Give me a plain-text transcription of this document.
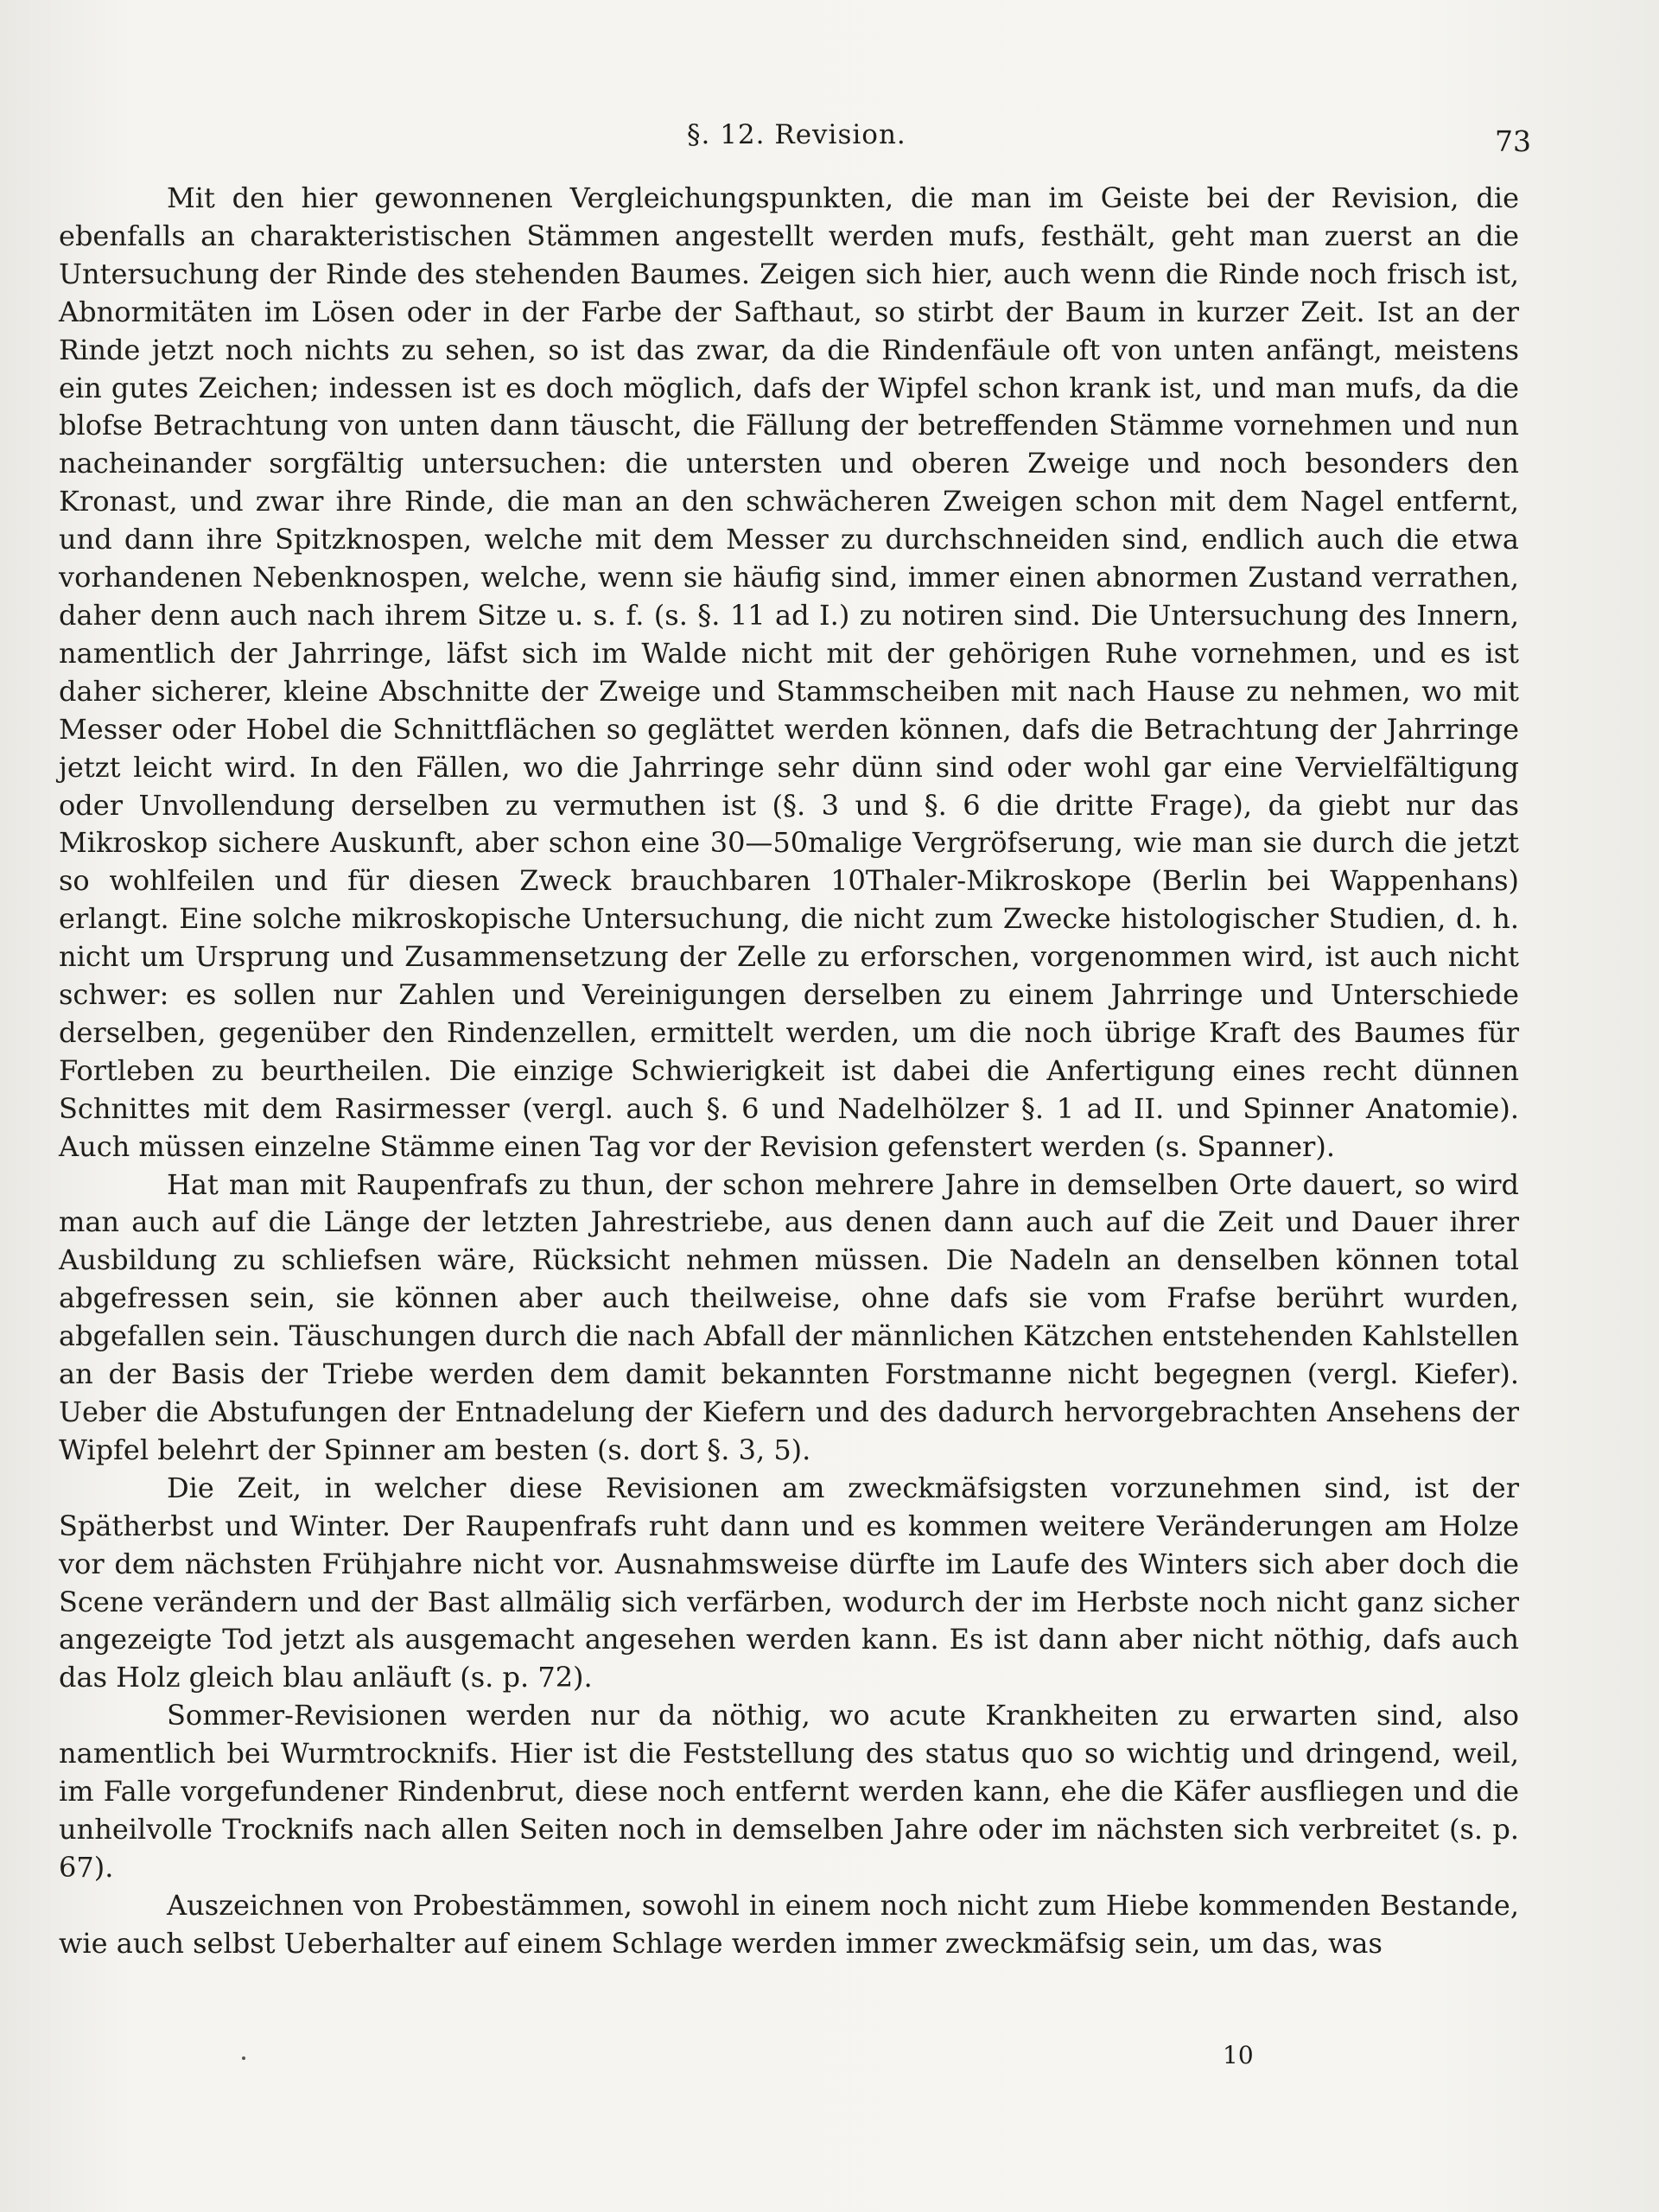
§. 12. Revision.	73

Mit den hier gewonnenen Vergleichungspunkten, die man im Geiste bei der Revision, die ebenfalls an charakteristischen Stämmen angestellt werden mufs, festhält, geht man zuerst an die Untersuchung der Rinde des stehenden Baumes. Zeigen sich hier, auch wenn die Rinde noch frisch ist, Abnormitäten im Lösen oder in der Farbe der Safthaut, so stirbt der Baum in kurzer Zeit. Ist an der Rinde jetzt noch nichts zu sehen, so ist das zwar, da die Rindenfäule oft von unten anfängt, meistens ein gutes Zeichen; indessen ist es doch möglich, dafs der Wipfel schon krank ist, und man mufs, da die blofse Betrachtung von unten dann täuscht, die Fällung der betreffenden Stämme vornehmen und nun nacheinander sorgfältig untersuchen: die untersten und oberen Zweige und noch besonders den Kronast, und zwar ihre Rinde, die man an den schwächeren Zweigen schon mit dem Nagel entfernt, und dann ihre Spitzknospen, welche mit dem Messer zu durchschneiden sind, endlich auch die etwa vorhandenen Nebenknospen, welche, wenn sie häufig sind, immer einen abnormen Zustand verrathen, daher denn auch nach ihrem Sitze u. s. f. (s. §. 11 ad I.) zu notiren sind. Die Untersuchung des Innern, namentlich der Jahrringe, läfst sich im Walde nicht mit der gehörigen Ruhe vornehmen, und es ist daher sicherer, kleine Abschnitte der Zweige und Stammscheiben mit nach Hause zu nehmen, wo mit Messer oder Hobel die Schnittflächen so geglättet werden können, dafs die Betrachtung der Jahrringe jetzt leicht wird. In den Fällen, wo die Jahrringe sehr dünn sind oder wohl gar eine Vervielfältigung oder Unvollendung derselben zu vermuthen ist (§. 3 und §. 6 die dritte Frage), da giebt nur das Mikroskop sichere Auskunft, aber schon eine 30—50malige Vergröfserung, wie man sie durch die jetzt so wohlfeilen und für diesen Zweck brauchbaren 10Thaler-Mikroskope (Berlin bei Wappenhans) erlangt. Eine solche mikroskopische Untersuchung, die nicht zum Zwecke histologischer Studien, d. h. nicht um Ursprung und Zusammensetzung der Zelle zu erforschen, vorgenommen wird, ist auch nicht schwer: es sollen nur Zahlen und Vereinigungen derselben zu einem Jahrringe und Unterschiede derselben, gegenüber den Rindenzellen, ermittelt werden, um die noch übrige Kraft des Baumes für Fortleben zu beurtheilen. Die einzige Schwierigkeit ist dabei die Anfertigung eines recht dünnen Schnittes mit dem Rasirmesser (vergl. auch §. 6 und Nadelhölzer §. 1 ad II. und Spinner Anatomie). Auch müssen einzelne Stämme einen Tag vor der Revision gefenstert werden (s. Spanner).

Hat man mit Raupenfrafs zu thun, der schon mehrere Jahre in demselben Orte dauert, so wird man auch auf die Länge der letzten Jahrestriebe, aus denen dann auch auf die Zeit und Dauer ihrer Ausbildung zu schliefsen wäre, Rücksicht nehmen müssen. Die Nadeln an denselben können total abgefressen sein, sie können aber auch theilweise, ohne dafs sie vom Frafse berührt wurden, abgefallen sein. Täuschungen durch die nach Abfall der männlichen Kätzchen entstehenden Kahlstellen an der Basis der Triebe werden dem damit bekannten Forstmanne nicht begegnen (vergl. Kiefer). Ueber die Abstufungen der Entnadelung der Kiefern und des dadurch hervorgebrachten Ansehens der Wipfel belehrt der Spinner am besten (s. dort §. 3, 5).

Die Zeit, in welcher diese Revisionen am zweckmäfsigsten vorzunehmen sind, ist der Spätherbst und Winter. Der Raupenfrafs ruht dann und es kommen weitere Veränderungen am Holze vor dem nächsten Frühjahre nicht vor. Ausnahmsweise dürfte im Laufe des Winters sich aber doch die Scene verändern und der Bast allmälig sich verfärben, wodurch der im Herbste noch nicht ganz sicher angezeigte Tod jetzt als ausgemacht angesehen werden kann. Es ist dann aber nicht nöthig, dafs auch das Holz gleich blau anläuft (s. p. 72).

Sommer-Revisionen werden nur da nöthig, wo acute Krankheiten zu erwarten sind, also namentlich bei Wurmtrocknifs. Hier ist die Feststellung des status quo so wichtig und dringend, weil, im Falle vorgefundener Rindenbrut, diese noch entfernt werden kann, ehe die Käfer ausfliegen und die unheilvolle Trocknifs nach allen Seiten noch in demselben Jahre oder im nächsten sich verbreitet (s. p. 67).

Auszeichnen von Probestämmen, sowohl in einem noch nicht zum Hiebe kommenden Bestande, wie auch selbst Ueberhalter auf einem Schlage werden immer zweckmäfsig sein, um das, was

10
